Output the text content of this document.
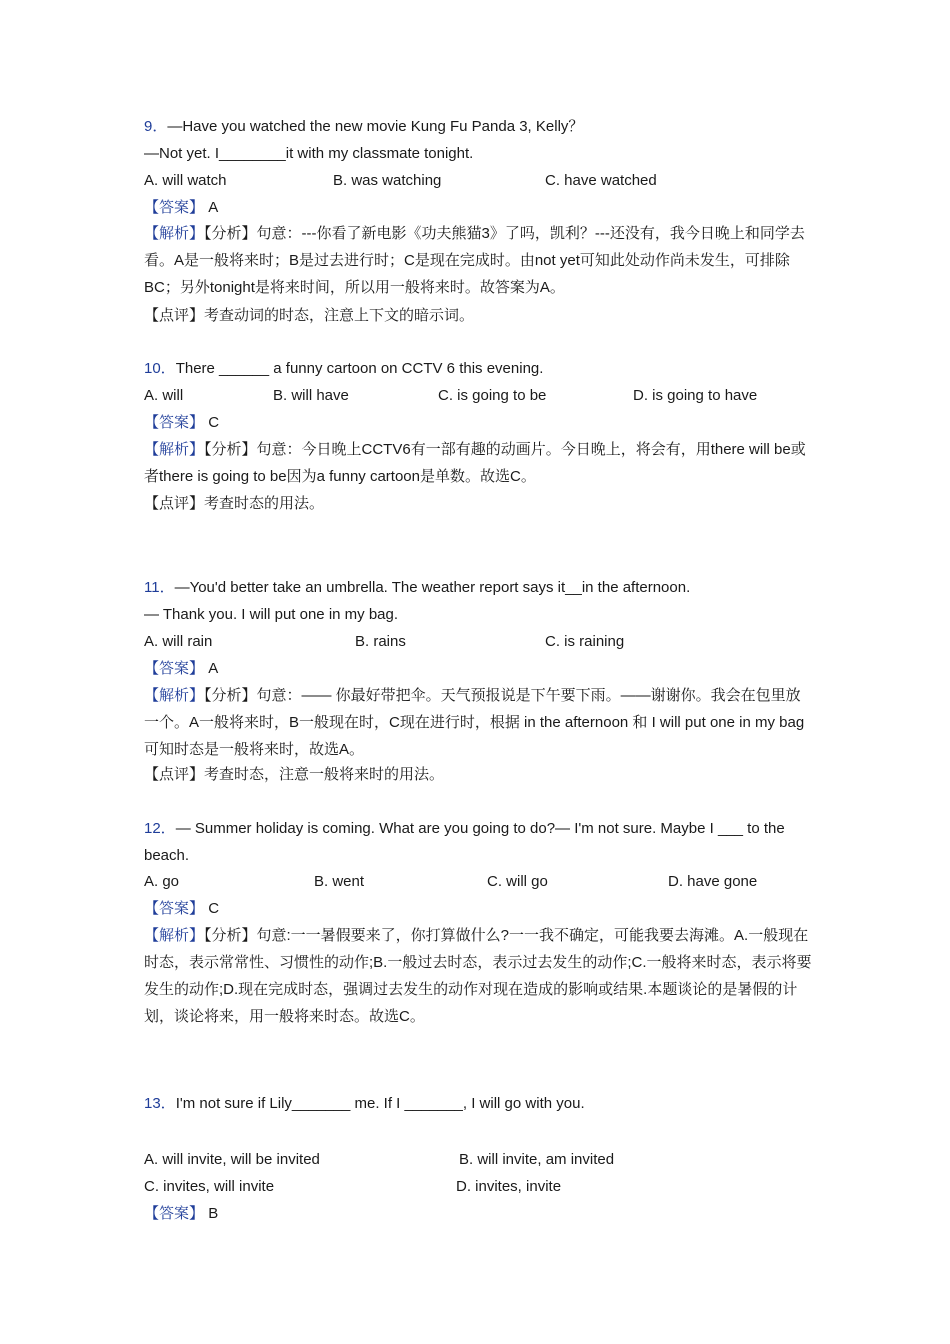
9．—Have you watched the new movie Kung Fu Panda 3, Kelly？
—Not yet. I________it with my classmate tonight.
A. will watch	B. was watching	C. have watched
【答案】 A
【解析】【分析】句意：---你看了新电影《功夫熊猫3》了吗，凯利？---还没有，我今日晚上和同学去看。A是一般将来时；B是过去进行时；C是现在完成时。由not yet可知此处动作尚未发生，可排除BC；另外tonight是将来时间，所以用一般将来时。故答案为A。
【点评】考查动词的时态，注意上下文的暗示词。
10．There ______ a funny cartoon on CCTV 6 this evening.
A. will	B. will have	C. is going to be	D. is going to have
【答案】 C
【解析】【分析】句意：今日晚上CCTV6有一部有趣的动画片。今日晚上，将会有，用there will be或者there is going to be因为a funny cartoon是单数。故选C。
【点评】考查时态的用法。
11．—You'd better take an umbrella. The weather report says it__in the afternoon.
— Thank you. I will put one in my bag.
A. will rain	B. rains	C. is raining
【答案】 A
【解析】【分析】句意：—— 你最好带把伞。天气预报说是下午要下雨。——谢谢你。我会在包里放一个。A一般将来时，B一般现在时，C现在进行时，根据 in the afternoon 和 I will put one in my bag可知时态是一般将来时，故选A。
【点评】考查时态，注意一般将来时的用法。
12．— Summer holiday is coming. What are you going to do?— I'm not sure. Maybe I ___ to the beach.
A. go	B. went	C. will go	D. have gone
【答案】 C
【解析】【分析】句意:一一暑假要来了，你打算做什么?一一我不确定，可能我要去海滩。A.一般现在时态，表示常常性、习惯性的动作;B.一般过去时态，表示过去发生的动作;C.一般将来时态，表示将要发生的动作;D.现在完成时态，强调过去发生的动作对现在造成的影响或结果.本题谈论的是暑假的计划，谈论将来，用一般将来时态。故选C。
13．I'm not sure if Lily_______ me. If I _______, I will go with you.
A. will invite, will be invited	B. will invite, am invited
C. invites, will invite	D. invites, invite
【答案】 B
